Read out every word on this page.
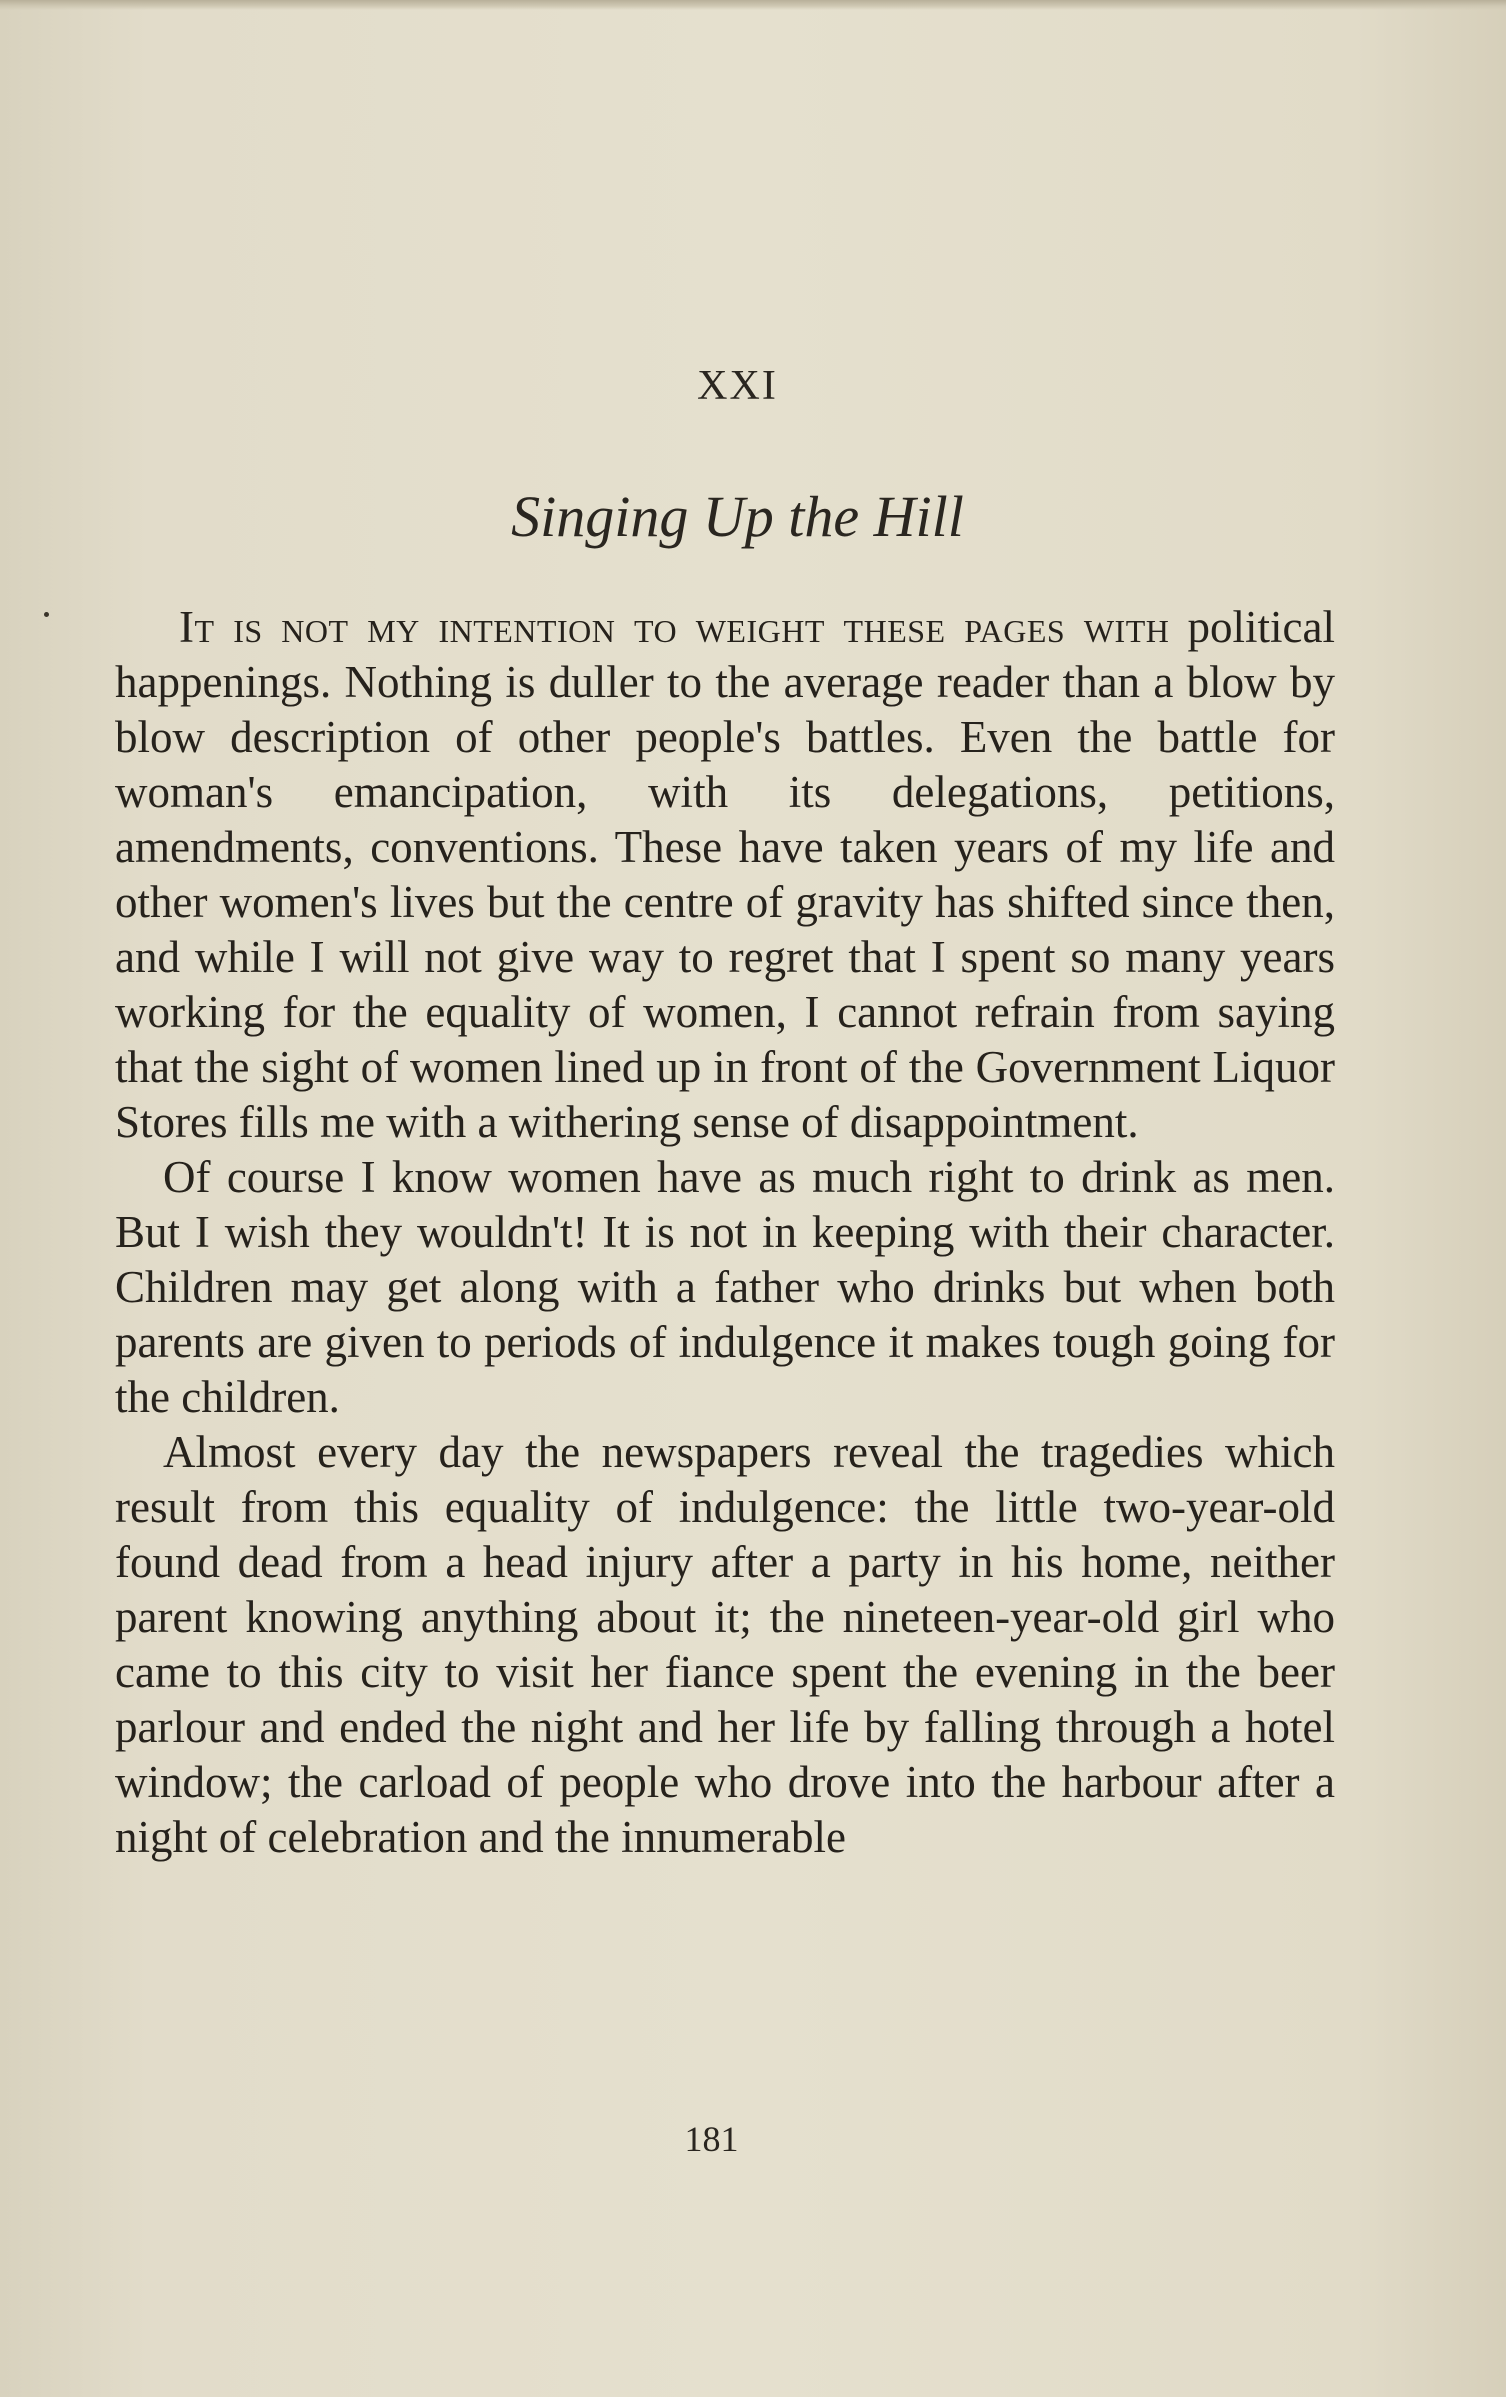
XXI
Singing Up the Hill

It is not my intention to weight these pages with political happenings. Nothing is duller to the average reader than a blow by blow description of other people's battles. Even the battle for woman's emancipation, with its delegations, petitions, amendments, conventions. These have taken years of my life and other women's lives but the centre of gravity has shifted since then, and while I will not give way to regret that I spent so many years working for the equality of women, I cannot refrain from saying that the sight of women lined up in front of the Government Liquor Stores fills me with a withering sense of disappointment.

Of course I know women have as much right to drink as men. But I wish they wouldn't! It is not in keeping with their character. Children may get along with a father who drinks but when both parents are given to periods of indulgence it makes tough going for the children.

Almost every day the newspapers reveal the tragedies which result from this equality of indulgence: the little two-year-old found dead from a head injury after a party in his home, neither parent knowing anything about it; the nineteen-year-old girl who came to this city to visit her fiance spent the evening in the beer parlour and ended the night and her life by falling through a hotel window; the carload of people who drove into the harbour after a night of celebration and the innumerable

181
